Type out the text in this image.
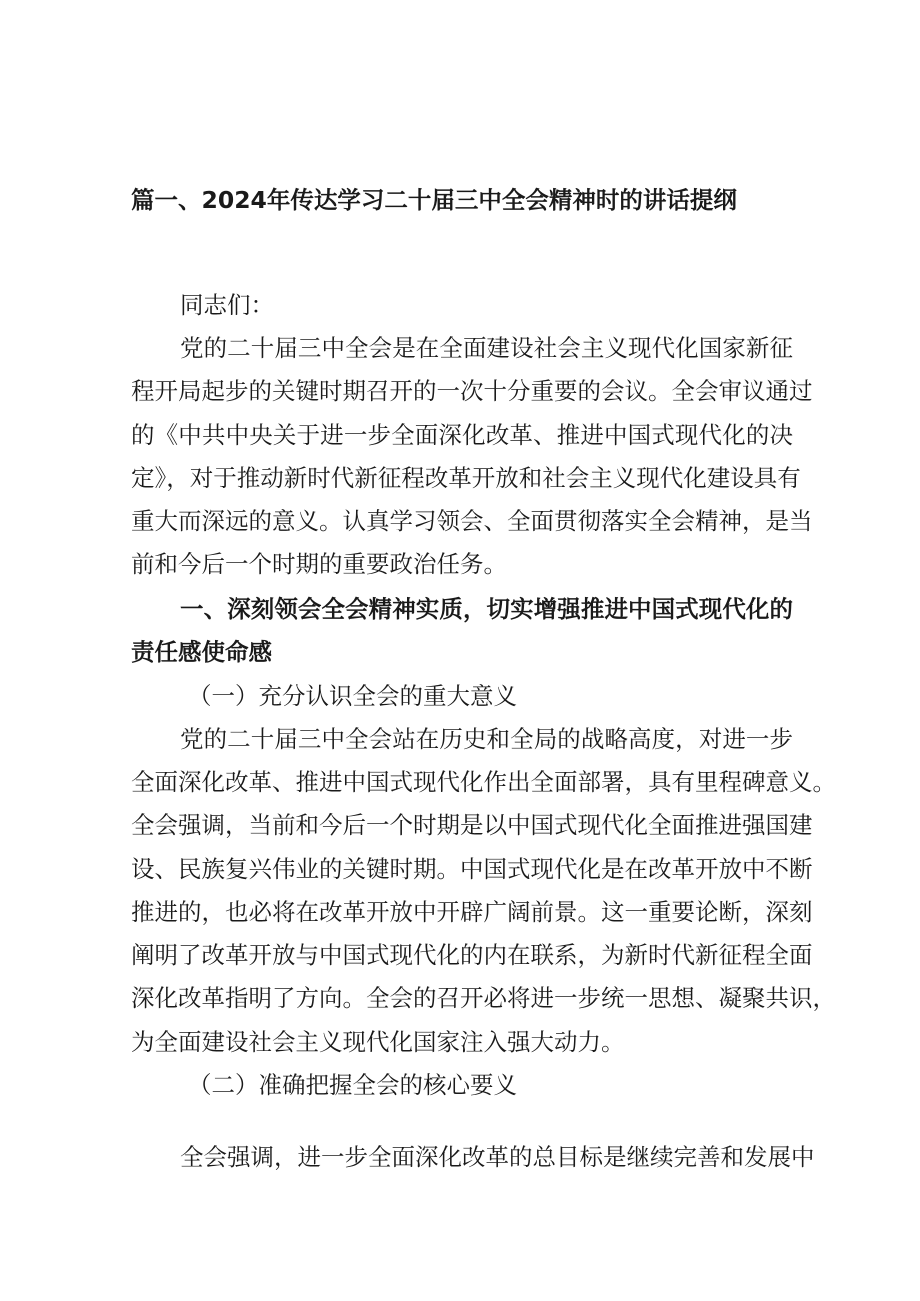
篇一、2024年传达学习二十届三中全会精神时的讲话提纲
同志们：
党的二十届三中全会是在全面建设社会主义现代化国家新征
程开局起步的关键时期召开的一次十分重要的会议。全会审议通过
的《中共中央关于进一步全面深化改革、推进中国式现代化的决
定》，对于推动新时代新征程改革开放和社会主义现代化建设具有
重大而深远的意义。认真学习领会、全面贯彻落实全会精神，是当
前和今后一个时期的重要政治任务。
一、深刻领会全会精神实质，切实增强推进中国式现代化的
责任感使命感
（一）充分认识全会的重大意义
党的二十届三中全会站在历史和全局的战略高度，对进一步
全面深化改革、推进中国式现代化作出全面部署，具有里程碑意义。
全会强调，当前和今后一个时期是以中国式现代化全面推进强国建
设、民族复兴伟业的关键时期。中国式现代化是在改革开放中不断
推进的，也必将在改革开放中开辟广阔前景。这一重要论断，深刻
阐明了改革开放与中国式现代化的内在联系，为新时代新征程全面
深化改革指明了方向。全会的召开必将进一步统一思想、凝聚共识，
为全面建设社会主义现代化国家注入强大动力。
（二）准确把握全会的核心要义
全会强调，进一步全面深化改革的总目标是继续完善和发展中
